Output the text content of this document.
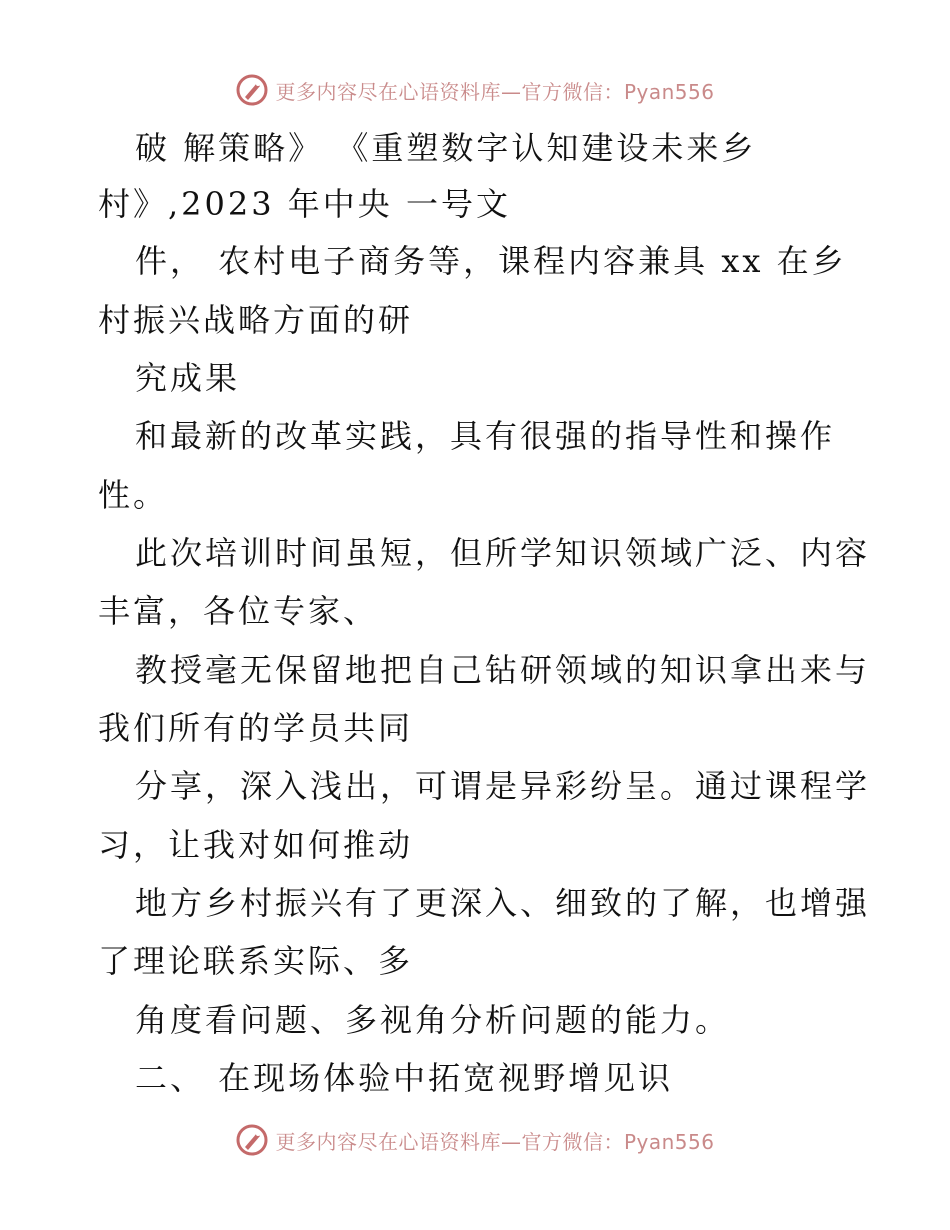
更多内容尽在心语资料库—官方微信：Pyan556
破 解策略》 《重塑数字认知建设未来乡
村》,2023 年中央 一号文
件， 农村电子商务等，课程内容兼具 xx 在乡
村振兴战略方面的研
究成果
和最新的改革实践，具有很强的指导性和操作
性。
此次培训时间虽短，但所学知识领域广泛、内容
丰富，各位专家、
教授毫无保留地把自己钻研领域的知识拿出来与
我们所有的学员共同
分享，深入浅出，可谓是异彩纷呈。通过课程学
习，让我对如何推动
地方乡村振兴有了更深入、细致的了解，也增强
了理论联系实际、多
角度看问题、多视角分析问题的能力。
二、 在现场体验中拓宽视野增见识
更多内容尽在心语资料库—官方微信：Pyan556
